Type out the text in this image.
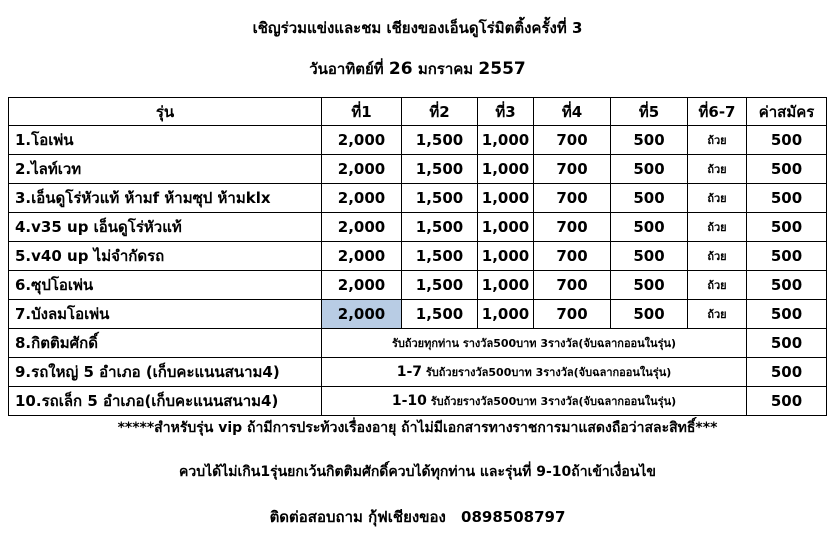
เชิญร่วมแข่งและชม เชียงของเอ็นดูโร่มิตติ้งครั้งที่ 3
วันอาทิตย์ที่ 26 มกราคม 2557
รุ่น	ที่1	ที่2	ที่3	ที่4	ที่5	ที่6-7	ค่าสมัคร
1.โอเพ่น	2,000	1,500	1,000	700	500	ถ้วย	500
2.ไลท์เวท	2,000	1,500	1,000	700	500	ถ้วย	500
3.เอ็นดูโร่หัวแท้ ห้ามf ห้ามซุป ห้ามklx	2,000	1,500	1,000	700	500	ถ้วย	500
4.v35 up เอ็นดูโร่หัวแท้	2,000	1,500	1,000	700	500	ถ้วย	500
5.v40 up ไม่จำกัดรถ	2,000	1,500	1,000	700	500	ถ้วย	500
6.ซุปโอเพ่น	2,000	1,500	1,000	700	500	ถ้วย	500
7.บังลมโอเพ่น	2,000	1,500	1,000	700	500	ถ้วย	500
8.กิตติมศักดิ์	รับถ้วยทุกท่าน รางวัล500บาท 3รางวัล(จับฉลากออนในรุ่น)						500
9.รถใหญ่ 5 อำเภอ (เก็บคะแนนสนาม4)	1-7 รับถ้วยรางวัล500บาท 3รางวัล(จับฉลากออนในรุ่น)						500
10.รถเล็ก 5 อำเภอ(เก็บคะแนนสนาม4)	1-10 รับถ้วยรางวัล500บาท 3รางวัล(จับฉลากออนในรุ่น)						500
*****สำหรับรุ่น vip ถ้ามีการประท้วงเรื่องอายุ ถ้าไม่มีเอกสารทางราชการมาแสดงถือว่าสละสิทธิ์***
ควบได้ไม่เกิน1รุ่นยกเว้นกิตติมศักดิ์ควบได้ทุกท่าน และรุ่นที่ 9-10ถ้าเข้าเงื่อนไข
ติดต่อสอบถาม กุ้ฟเชียงของ 0898508797
